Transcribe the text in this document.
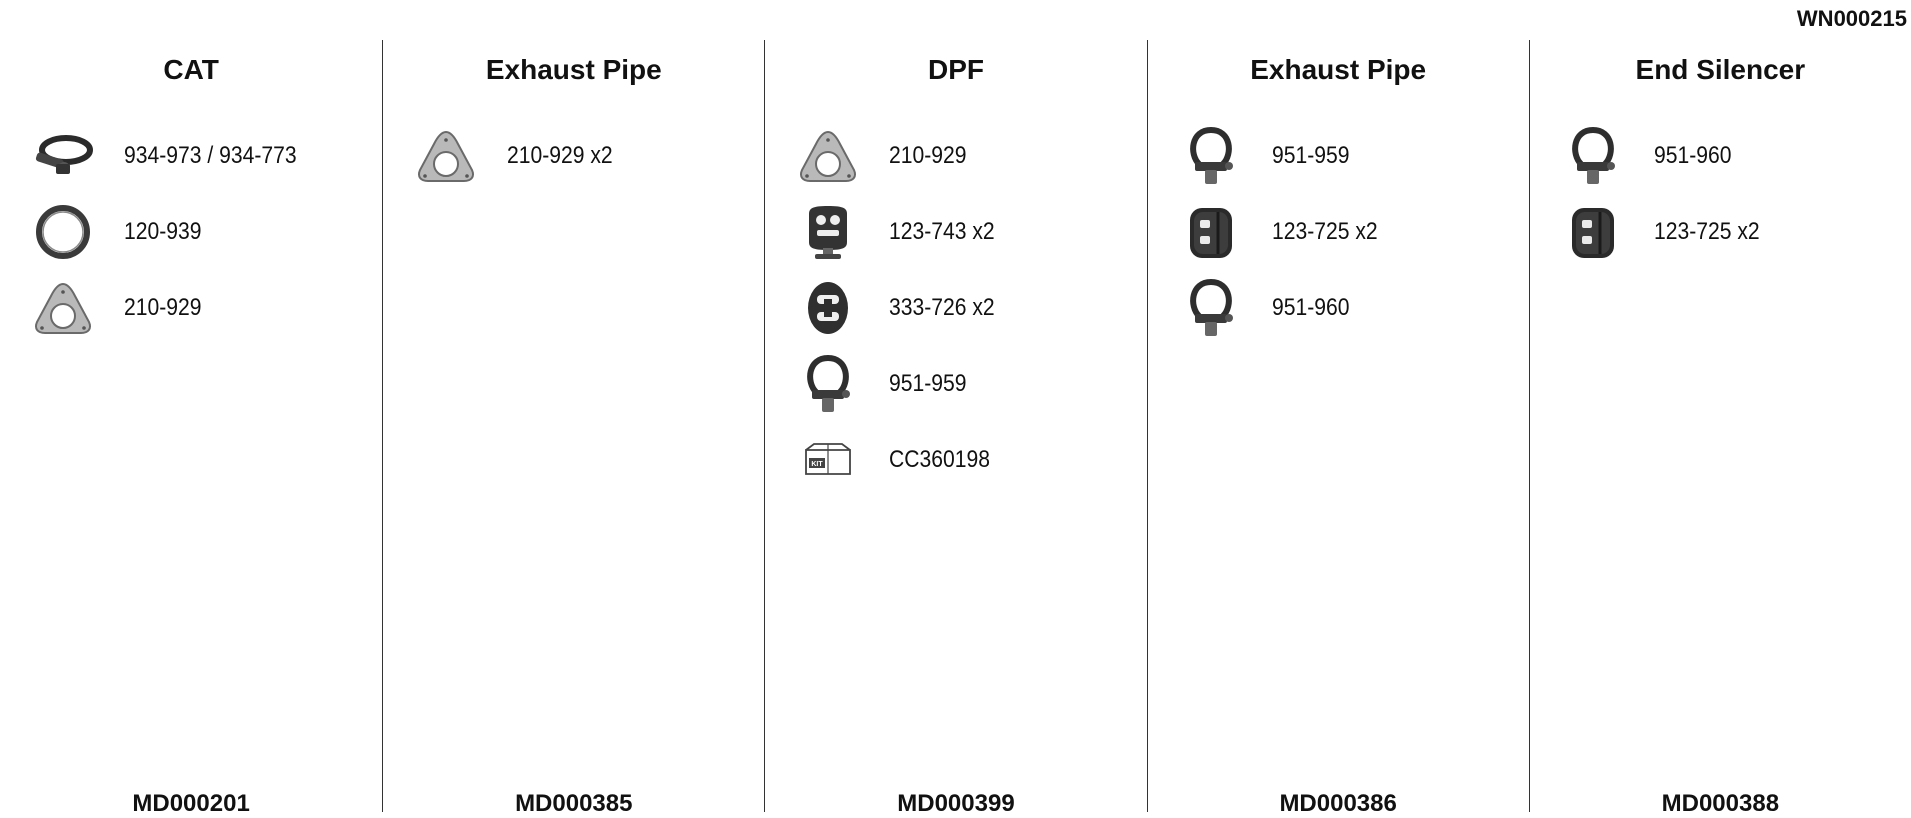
WN000215
CAT
934-973 / 934-773
120-939
210-929
MD000201
Exhaust Pipe
210-929 x2
MD000385
DPF
210-929
123-743 x2
333-726 x2
951-959
KIT	CC360198
MD000399
Exhaust Pipe
951-959
123-725 x2
951-960
MD000386
End Silencer
951-960
123-725 x2
MD000388
